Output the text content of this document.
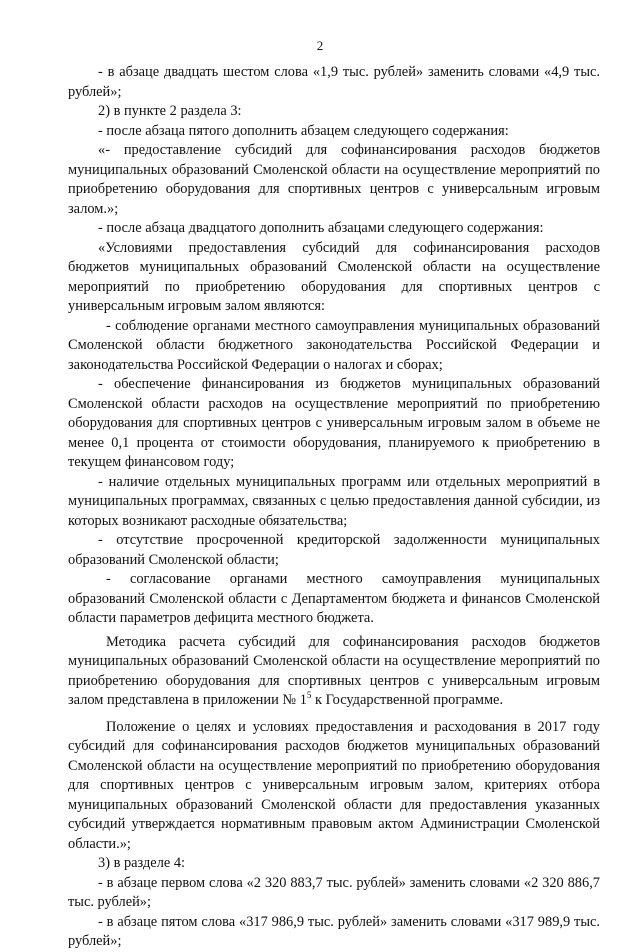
2

- в абзаце двадцать шестом слова «1,9 тыс. рублей» заменить словами «4,9 тыс. рублей»;

2) в пункте 2 раздела 3:

- после абзаца пятого дополнить абзацем следующего содержания:

«- предоставление субсидий для софинансирования расходов бюджетов муниципальных образований Смоленской области на осуществление мероприятий по приобретению оборудования для спортивных центров с универсальным игровым залом.»;

- после абзаца двадцатого дополнить абзацами следующего содержания:

«Условиями предоставления субсидий для софинансирования расходов бюджетов муниципальных образований Смоленской области на осуществление мероприятий по приобретению оборудования для спортивных центров с универсальным игровым залом являются:

- соблюдение органами местного самоуправления муниципальных образований Смоленской области бюджетного законодательства Российской Федерации и законодательства Российской Федерации о налогах и сборах;

- обеспечение финансирования из бюджетов муниципальных образований Смоленской области расходов на осуществление мероприятий по приобретению оборудования для спортивных центров с универсальным игровым залом в объеме не менее 0,1 процента от стоимости оборудования, планируемого к приобретению в текущем финансовом году;

- наличие отдельных муниципальных программ или отдельных мероприятий в муниципальных программах, связанных с целью предоставления данной субсидии, из которых возникают расходные обязательства;

- отсутствие просроченной кредиторской задолженности муниципальных образований Смоленской области;

- согласование органами местного самоуправления муниципальных образований Смоленской области с Департаментом бюджета и финансов Смоленской области параметров дефицита местного бюджета.

Методика расчета субсидий для софинансирования расходов бюджетов муниципальных образований Смоленской области на осуществление мероприятий по приобретению оборудования для спортивных центров с универсальным игровым залом представлена в приложении № $1^5$ к Государственной программе.

Положение о целях и условиях предоставления и расходования в 2017 году субсидий для софинансирования расходов бюджетов муниципальных образований Смоленской области на осуществление мероприятий по приобретению оборудования для спортивных центров с универсальным игровым залом, критериях отбора муниципальных образований Смоленской области для предоставления указанных субсидий утверждается нормативным правовым актом Администрации Смоленской области.»;

3) в разделе 4:

- в абзаце первом слова «2 320 883,7 тыс. рублей» заменить словами «2 320 886,7 тыс. рублей»;

- в абзаце пятом слова «317 986,9 тыс. рублей» заменить словами «317 989,9 тыс. рублей»;
